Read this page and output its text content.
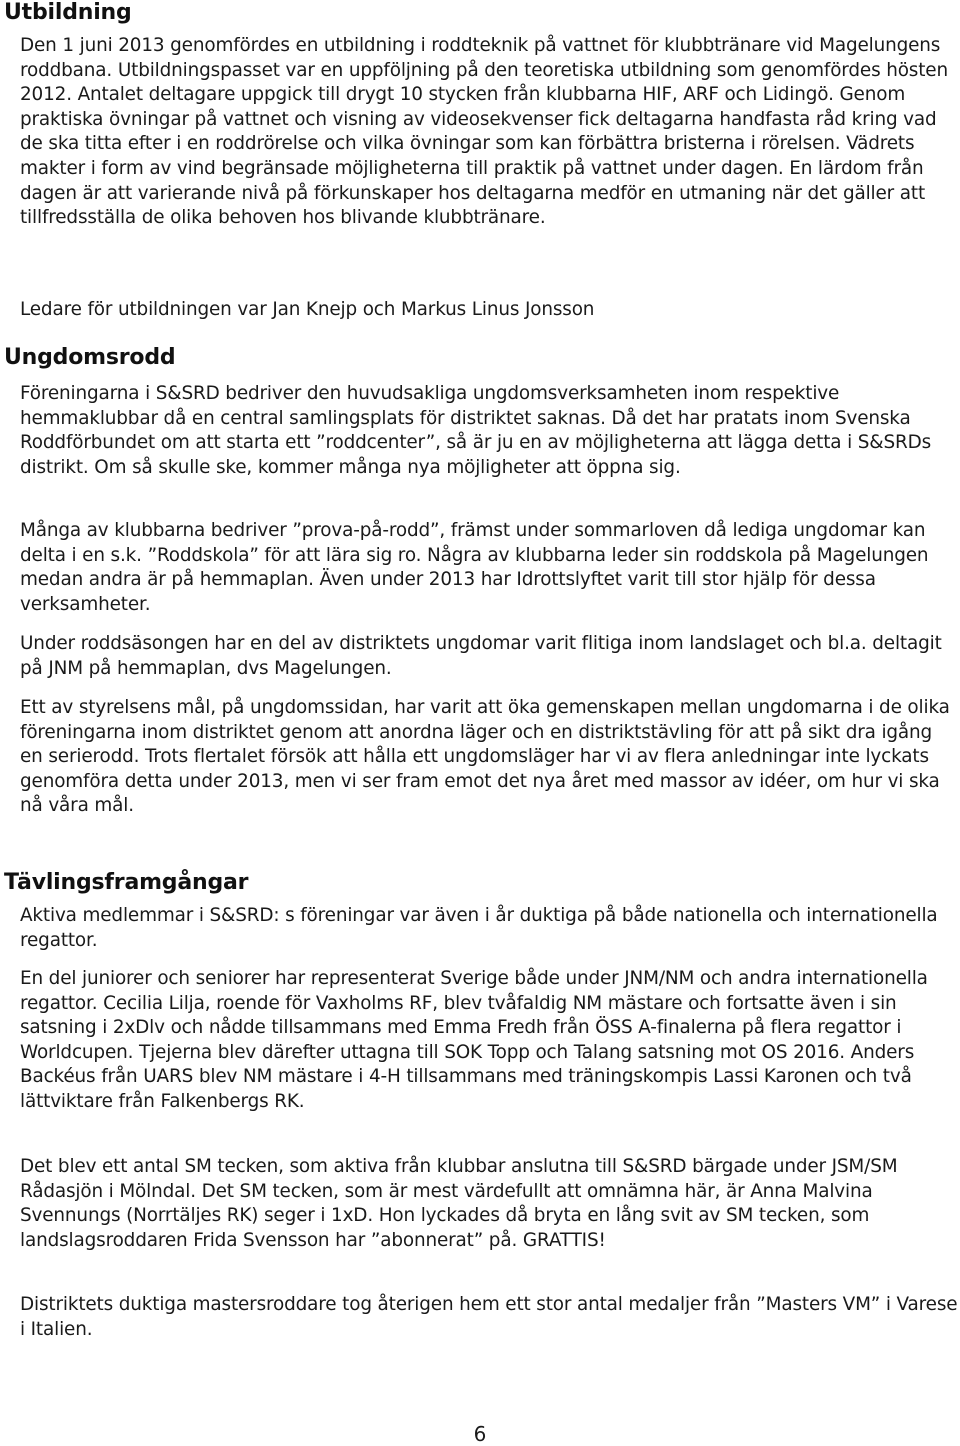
Utbildning

Den 1 juni 2013 genomfördes en utbildning i roddteknik på vattnet för klubbtränare vid Magelungens roddbana. Utbildningspasset var en uppföljning på den teoretiska utbildning som genomfördes hösten 2012. Antalet deltagare uppgick till drygt 10 stycken från klubbarna HIF, ARF och Lidingö. Genom praktiska övningar på vattnet och visning av videosekvenser fick deltagarna handfasta råd kring vad de ska titta efter i en roddrörelse och vilka övningar som kan förbättra bristerna i rörelsen. Vädrets makter i form av vind begränsade möjligheterna till praktik på vattnet under dagen. En lärdom från dagen är att varierande nivå på förkunskaper hos deltagarna medför en utmaning när det gäller att tillfredsställa de olika behoven hos blivande klubbtränare.

Ledare för utbildningen var Jan Knejp och Markus Linus Jonsson

Ungdomsrodd

Föreningarna i S&SRD bedriver den huvudsakliga ungdomsverksamheten inom respektive hemmaklubbar då en central samlingsplats för distriktet saknas. Då det har pratats inom Svenska Roddförbundet om att starta ett ”roddcenter”, så är ju en av möjligheterna att lägga detta i S&SRDs distrikt. Om så skulle ske, kommer många nya möjligheter att öppna sig.

Många av klubbarna bedriver ”prova-på-rodd”, främst under sommarloven då lediga ungdomar kan delta i en s.k. ”Roddskola” för att lära sig ro. Några av klubbarna leder sin roddskola på Magelungen medan andra är på hemmaplan. Även under 2013 har Idrottslyftet varit till stor hjälp för dessa verksamheter.

Under roddsäsongen har en del av distriktets ungdomar varit flitiga inom landslaget och bl.a. deltagit på JNM på hemmaplan, dvs Magelungen.

Ett av styrelsens mål, på ungdomssidan, har varit att öka gemenskapen mellan ungdomarna i de olika föreningarna inom distriktet genom att anordna läger och en distriktstävling för att på sikt dra igång en serierodd. Trots flertalet försök att hålla ett ungdomsläger har vi av flera anledningar inte lyckats genomföra detta under 2013, men vi ser fram emot det nya året med massor av idéer, om hur vi ska nå våra mål.

Tävlingsframgångar

Aktiva medlemmar i S&SRD: s föreningar var även i år duktiga på både nationella och internationella regattor.

En del juniorer och seniorer har representerat Sverige både under JNM/NM och andra internationella regattor. Cecilia Lilja, roende för Vaxholms RF, blev tvåfaldig NM mästare och fortsatte även i sin satsning i 2xDlv och nådde tillsammans med Emma Fredh från ÖSS A-finalerna på flera regattor i Worldcupen. Tjejerna blev därefter uttagna till SOK Topp och Talang satsning mot OS 2016. Anders Backéus från UARS blev NM mästare i 4-H tillsammans med träningskompis Lassi Karonen och två lättviktare från Falkenbergs RK.

Det blev ett antal SM tecken, som aktiva från klubbar anslutna till S&SRD bärgade under JSM/SM Rådasjön i Mölndal. Det SM tecken, som är mest värdefullt att omnämna här, är Anna Malvina Svennungs (Norrtäljes RK) seger i 1xD. Hon lyckades då bryta en lång svit av SM tecken, som landslagsroddaren Frida Svensson har ”abonnerat” på. GRATTIS!

Distriktets duktiga mastersroddare tog återigen hem ett stor antal medaljer från ”Masters VM” i Varese i Italien.

6
